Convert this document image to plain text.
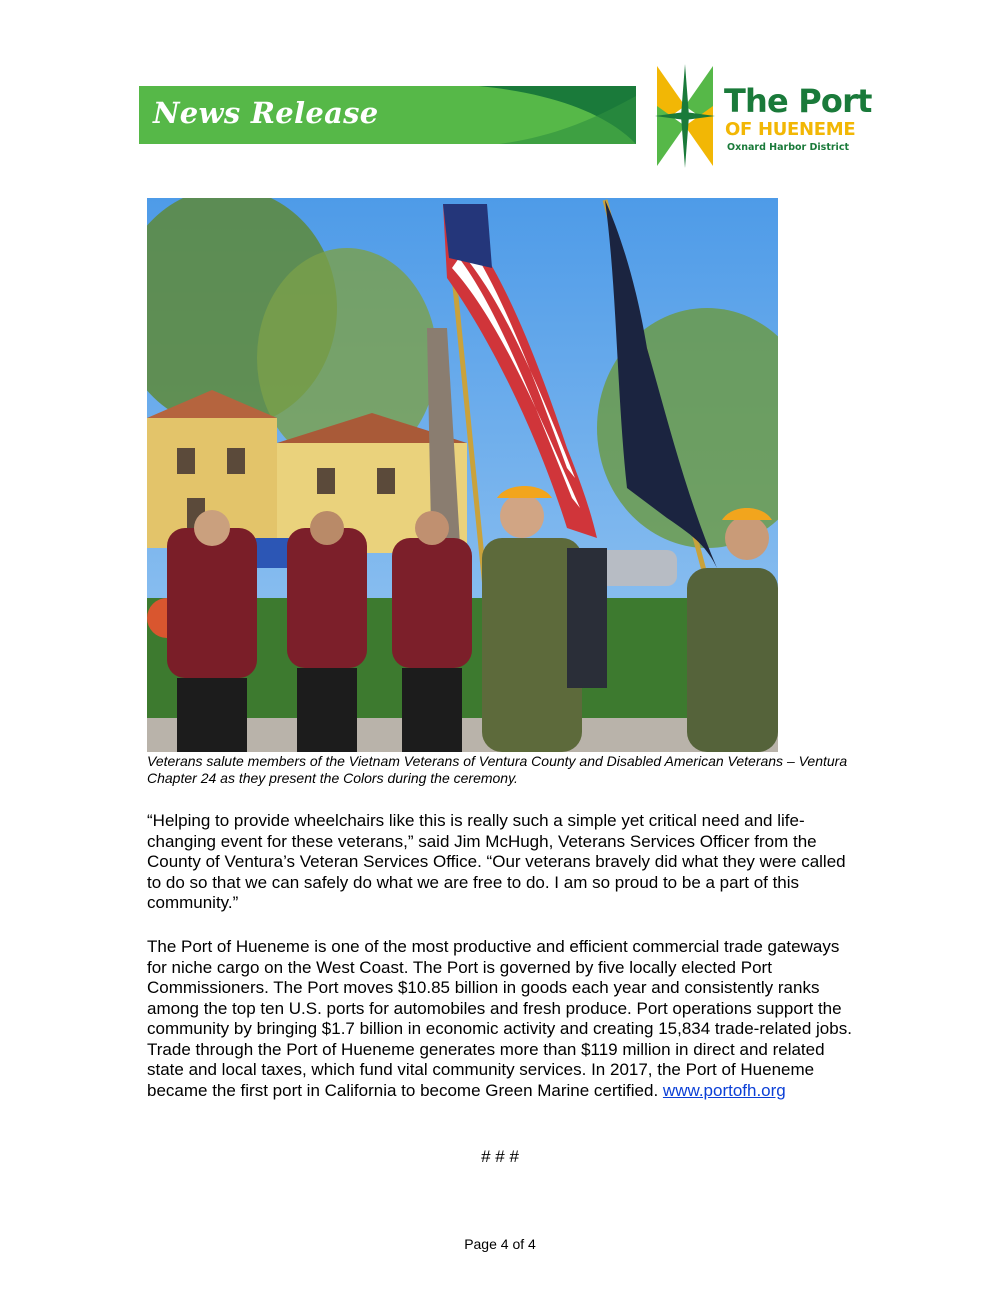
News Release	The Port
OF HUENEME
Oxnard Harbor District
Veterans salute members of the Vietnam Veterans of Ventura County and Disabled American Veterans – Ventura Chapter 24 as they present the Colors during the ceremony.
“Helping to provide wheelchairs like this is really such a simple yet critical need and life-changing event for these veterans,” said Jim McHugh, Veterans Services Officer from the County of Ventura’s Veteran Services Office. “Our veterans bravely did what they were called to do so that we can safely do what we are free to do. I am so proud to be a part of this community.”
The Port of Hueneme is one of the most productive and efficient commercial trade gateways for niche cargo on the West Coast. The Port is governed by five locally elected Port Commissioners. The Port moves $10.85 billion in goods each year and consistently ranks among the top ten U.S. ports for automobiles and fresh produce. Port operations support the community by bringing $1.7 billion in economic activity and creating 15,834 trade-related jobs. Trade through the Port of Hueneme generates more than $119 million in direct and related state and local taxes, which fund vital community services. In 2017, the Port of Hueneme became the first port in California to become Green Marine certified. www.portofh.org
# # #
Page 4 of 4
